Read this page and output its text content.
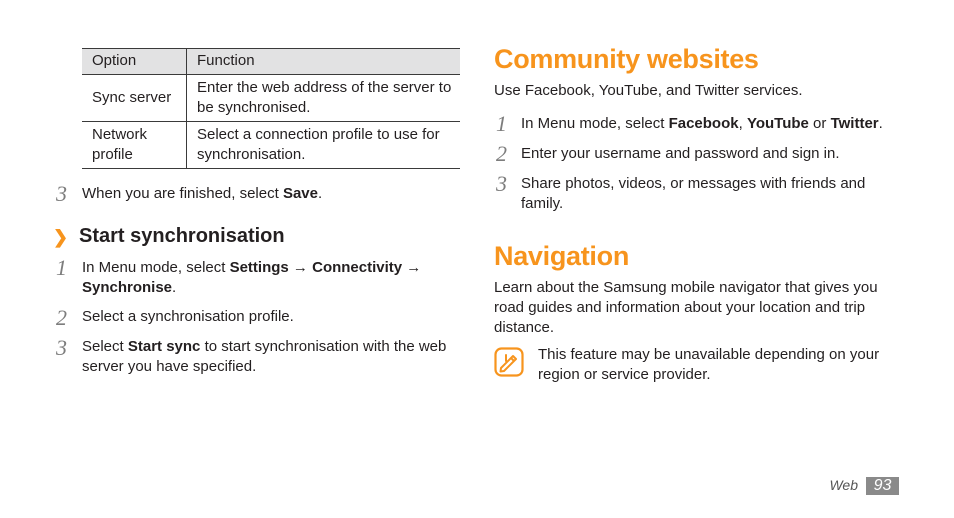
Option	Function
Sync server	Enter the web address of the server to be synchronised.
Network profile	Select a connection profile to use for synchronisation.
3 When you are finished, select Save.
❯ Start synchronisation
1 In Menu mode, select Settings → Connectivity →
Synchronise.
2 Select a synchronisation profile.
3 Select Start sync to start synchronisation with the web server you have specified.
Community websites
Use Facebook, YouTube, and Twitter services.
1 In Menu mode, select Facebook, YouTube or Twitter.
2 Enter your username and password and sign in.
3 Share photos, videos, or messages with friends and family.
Navigation
Learn about the Samsung mobile navigator that gives you road guides and information about your location and trip distance.
This feature may be unavailable depending on your region or service provider.
Web 93
